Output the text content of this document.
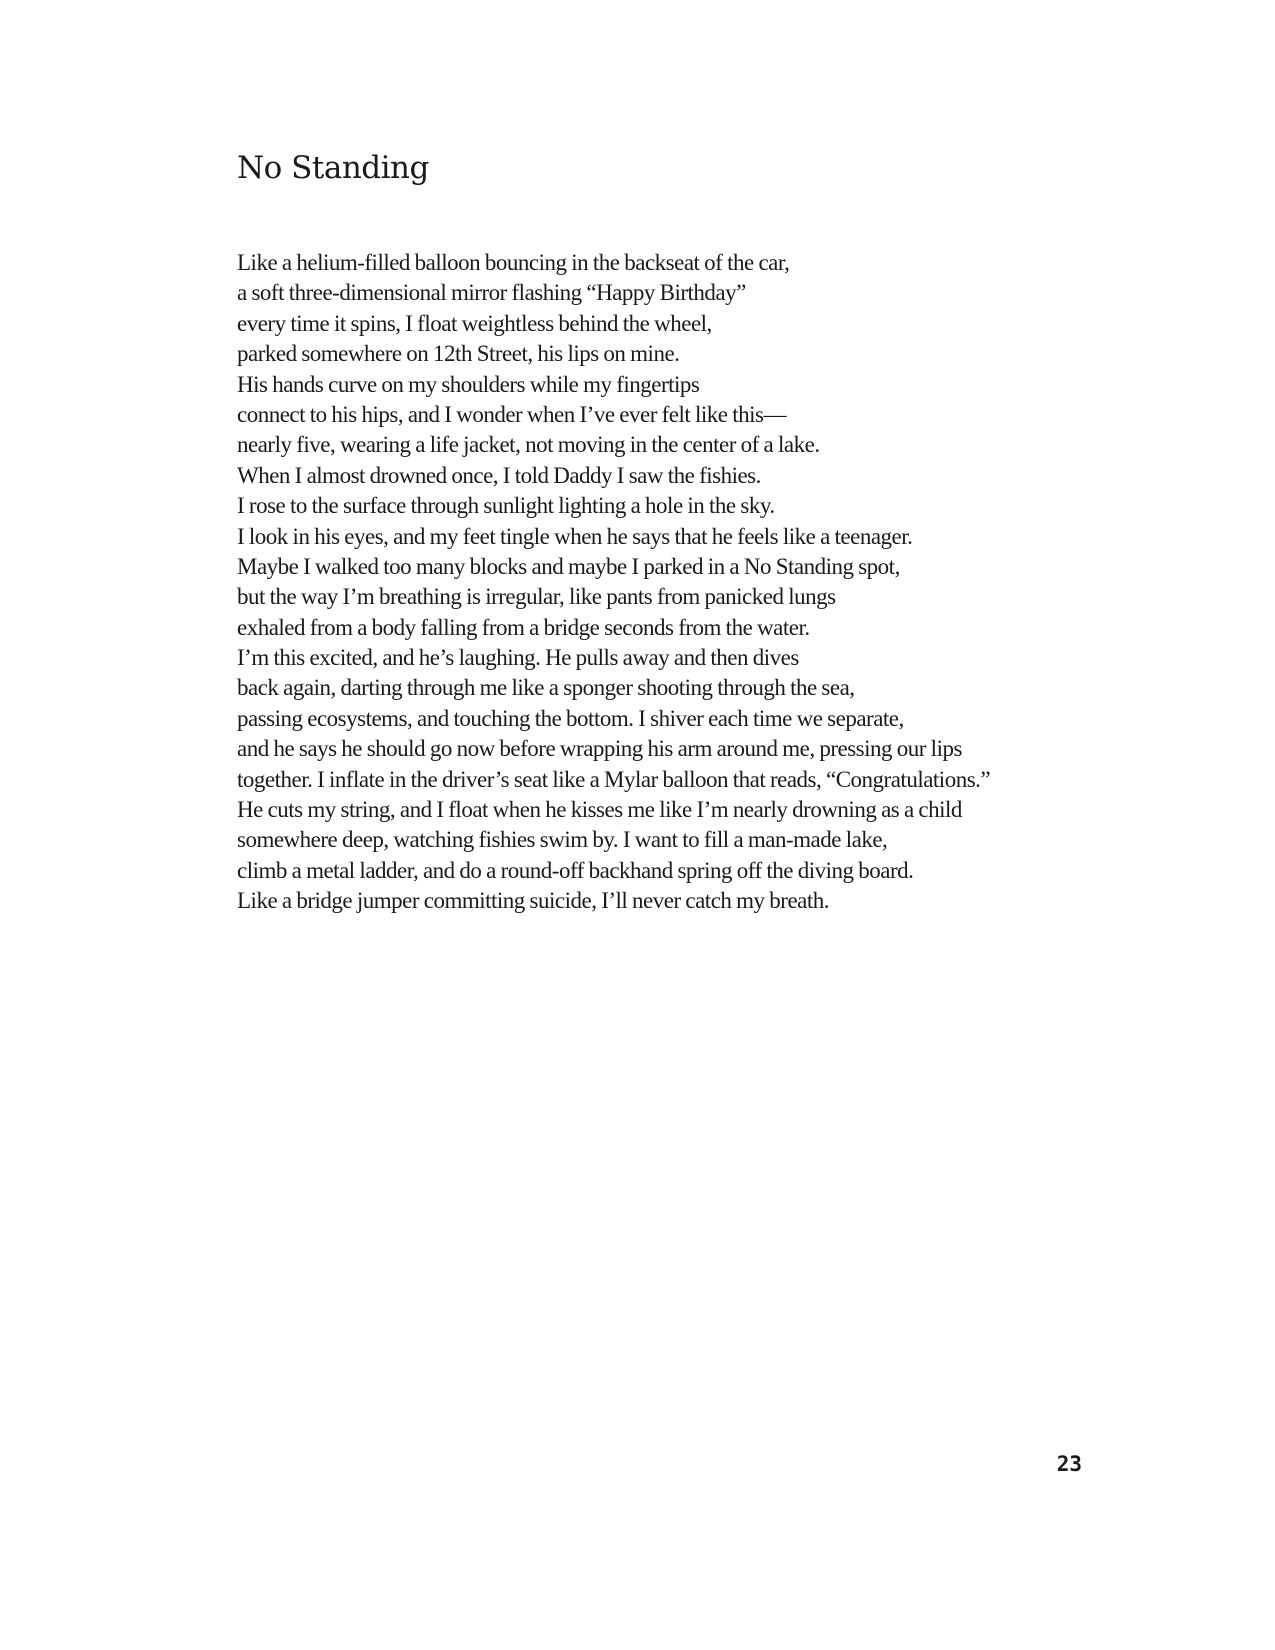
No Standing
Like a helium-filled balloon bouncing in the backseat of the car,
a soft three-dimensional mirror flashing “Happy Birthday”
every time it spins, I float weightless behind the wheel,
parked somewhere on 12th Street, his lips on mine.
His hands curve on my shoulders while my fingertips
connect to his hips, and I wonder when I’ve ever felt like this—
nearly five, wearing a life jacket, not moving in the center of a lake.
When I almost drowned once, I told Daddy I saw the fishies.
I rose to the surface through sunlight lighting a hole in the sky.
I look in his eyes, and my feet tingle when he says that he feels like a teenager.
Maybe I walked too many blocks and maybe I parked in a No Standing spot,
but the way I’m breathing is irregular, like pants from panicked lungs
exhaled from a body falling from a bridge seconds from the water.
I’m this excited, and he’s laughing. He pulls away and then dives
back again, darting through me like a sponger shooting through the sea,
passing ecosystems, and touching the bottom. I shiver each time we separate,
and he says he should go now before wrapping his arm around me, pressing our lips
together. I inflate in the driver’s seat like a Mylar balloon that reads, “Congratulations.”
He cuts my string, and I float when he kisses me like I’m nearly drowning as a child
somewhere deep, watching fishies swim by. I want to fill a man-made lake,
climb a metal ladder, and do a round-off backhand spring off the diving board.
Like a bridge jumper committing suicide, I’ll never catch my breath.
23
